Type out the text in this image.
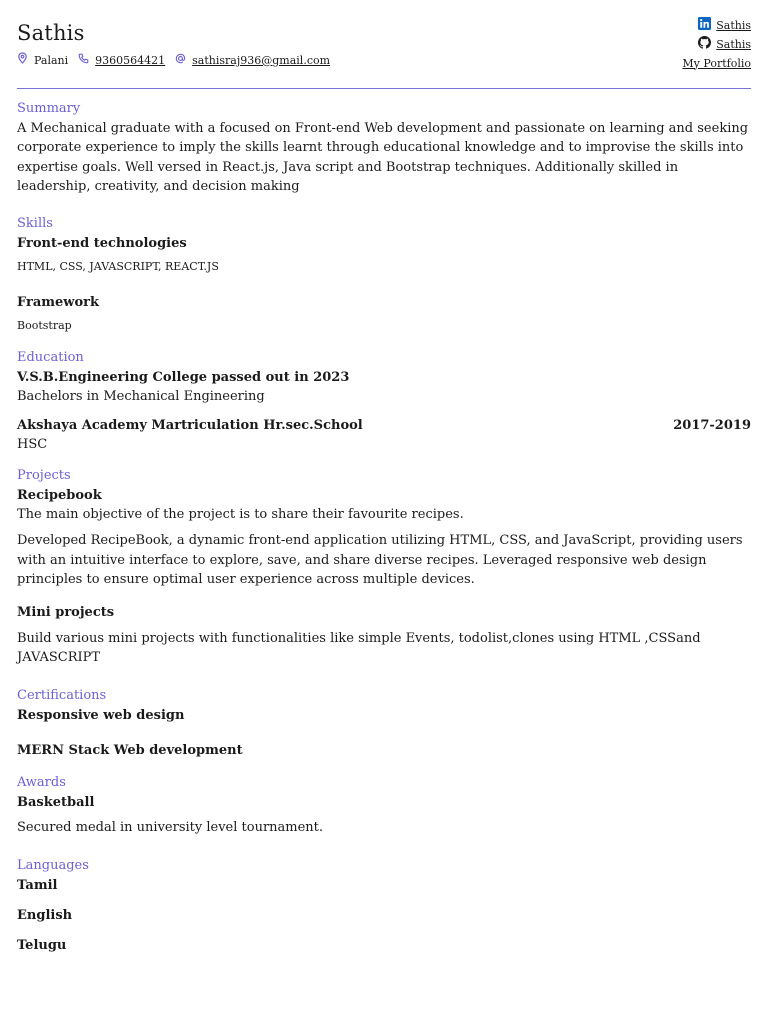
Sathis
Palani 9360564421 sathisraj936@gmail.com
Sathis
Sathis
My Portfolio
Summary

A Mechanical graduate with a focused on Front-end Web development and passionate on learning and seeking corporate experience to imply the skills learnt through educational knowledge and to improvise the skills into expertise goals. Well versed in React.js, Java script and Bootstrap techniques. Additionally skilled in leadership, creativity, and decision making

Skills

Front-end technologies

HTML, CSS, JAVASCRIPT, REACT.JS

Framework

Bootstrap

Education

V.S.B.Engineering College passed out in 2023

Bachelors in Mechanical Engineering

Akshaya Academy Martriculation Hr.sec.School	2017-2019

HSC

Projects

Recipebook

The main objective of the project is to share their favourite recipes.

Developed RecipeBook, a dynamic front-end application utilizing HTML, CSS, and JavaScript, providing users with an intuitive interface to explore, save, and share diverse recipes. Leveraged responsive web design principles to ensure optimal user experience across multiple devices.

Mini projects

Build various mini projects with functionalities like simple Events, todolist,clones using HTML ,CSSand JAVASCRIPT

Certifications

Responsive web design

MERN Stack Web development

Awards

Basketball

Secured medal in university level tournament.

Languages

Tamil

English

Telugu
